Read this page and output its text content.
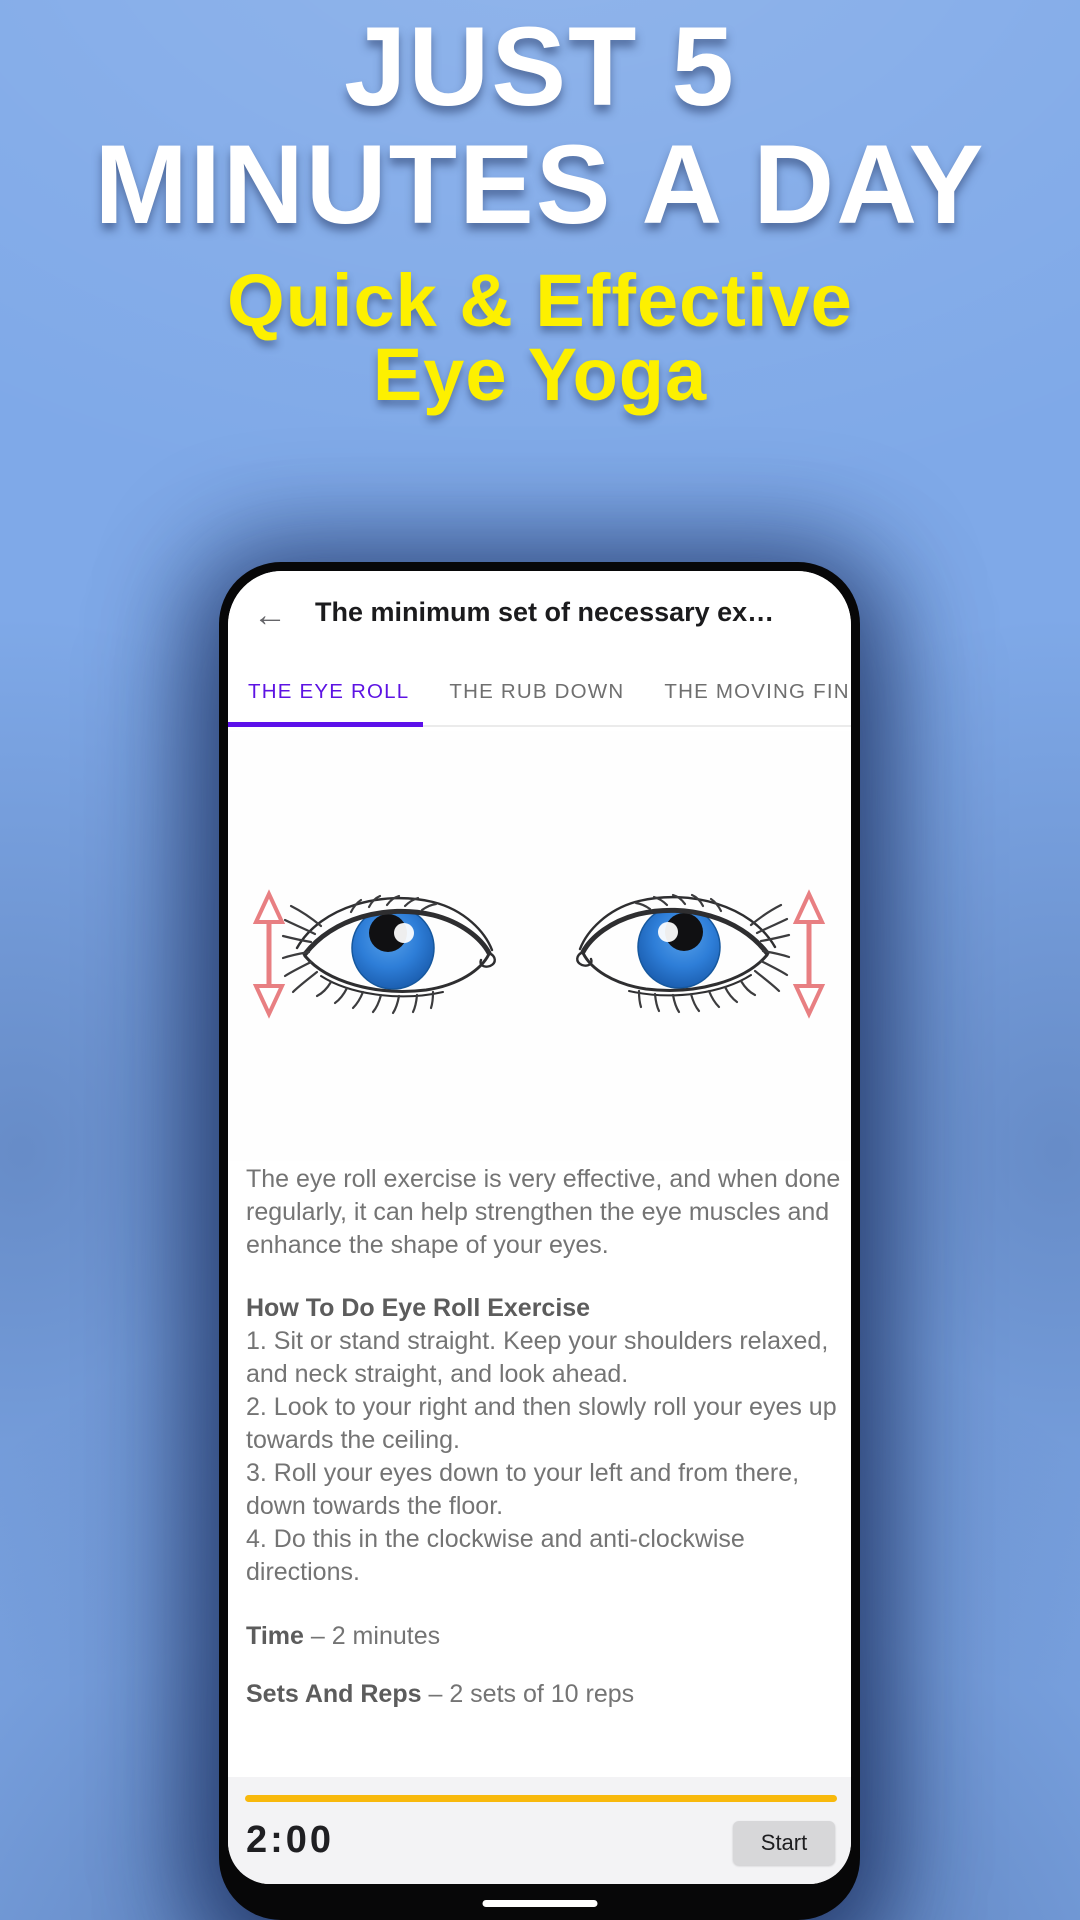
JUST 5
MINUTES A DAY
Quick & Effective
Eye Yoga
← The minimum set of necessary ex…
THE EYE ROLL	THE RUB DOWN	THE MOVING FIN

The eye roll exercise is very effective, and when done regularly, it can help strengthen the eye muscles and enhance the shape of your eyes.

How To Do Eye Roll Exercise

1. Sit or stand straight. Keep your shoulders relaxed, and neck straight, and look ahead.
2. Look to your right and then slowly roll your eyes up towards the ceiling.
3. Roll your eyes down to your left and from there, down towards the floor.
4. Do this in the clockwise and anti-clockwise directions.

Time – 2 minutes

Sets And Reps – 2 sets of 10 reps

2:00	Start
